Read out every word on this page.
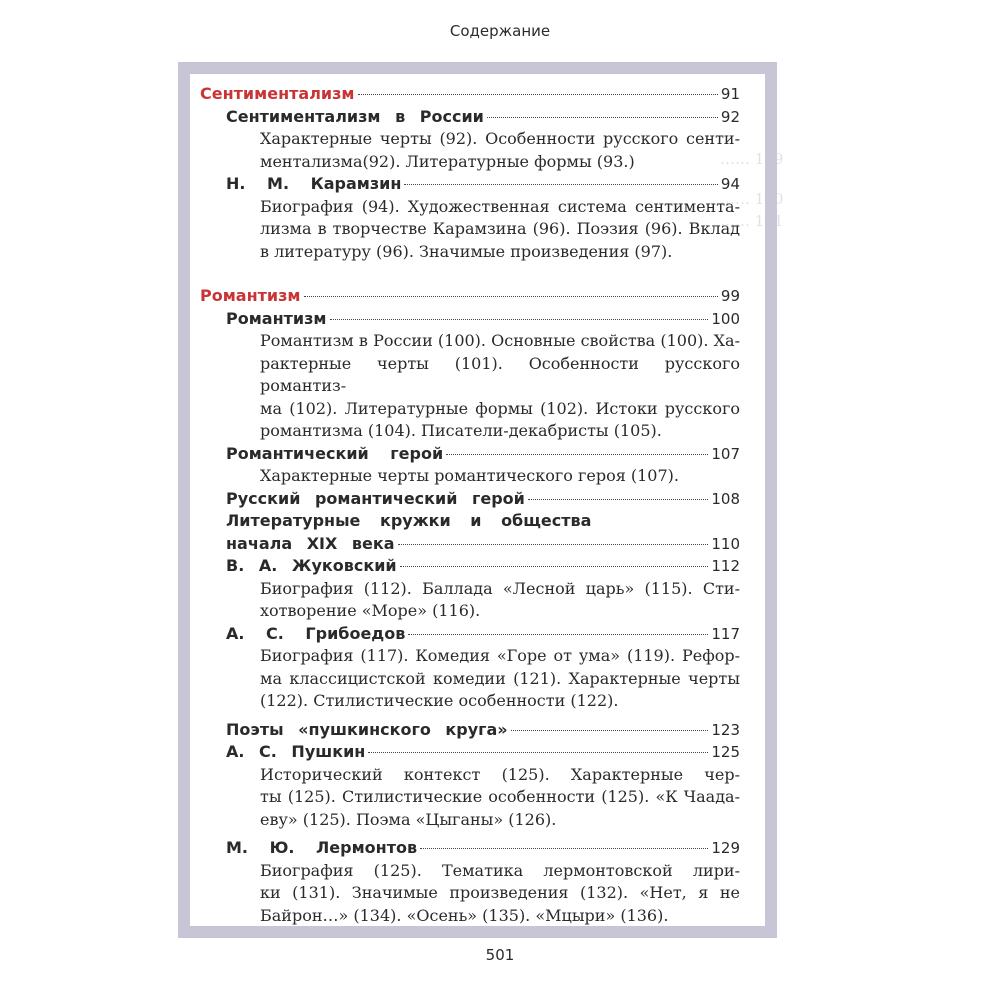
Содержание
…… 139
…… 140
…… 141
Сентиментализм	91
Сентиментализм в России	92
Характерные черты (92). Особенности русского сенти-
ментализма(92). Литературные формы (93.)
Н. М. Карамзин	94
Биография (94). Художественная система сентимента-
лизма в творчестве Карамзина (96). Поэзия (96). Вклад
в литературу (96). Значимые произведения (97).
Романтизм	99
Романтизм	100
Романтизм в России (100). Основные свойства (100). Ха-
рактерные черты (101). Особенности русского романтиз-
ма (102). Литературные формы (102). Истоки русского
романтизма (104). Писатели-декабристы (105).
Романтический герой	107
Характерные черты романтического героя (107).
Русский романтический герой	108
Литературные кружки и общества
начала XIX века	110
В. А. Жуковский	112
Биография (112). Баллада «Лесной царь» (115). Сти-
хотворение «Море» (116).
А. С. Грибоедов	117
Биография (117). Комедия «Горе от ума» (119). Рефор-
ма классицистской комедии (121). Характерные черты
(122). Стилистические особенности (122).
Поэты «пушкинского круга»	123
А. С. Пушкин	125
Исторический контекст (125). Характерные чер-
ты (125). Стилистические особенности (125). «К Чаада-
еву» (125). Поэма «Цыганы» (126).
М. Ю. Лермонтов	129
Биография (125). Тематика лермонтовской лири-
ки (131). Значимые произведения (132). «Нет, я не
Байрон…» (134). «Осень» (135). «Мцыри» (136).
501
